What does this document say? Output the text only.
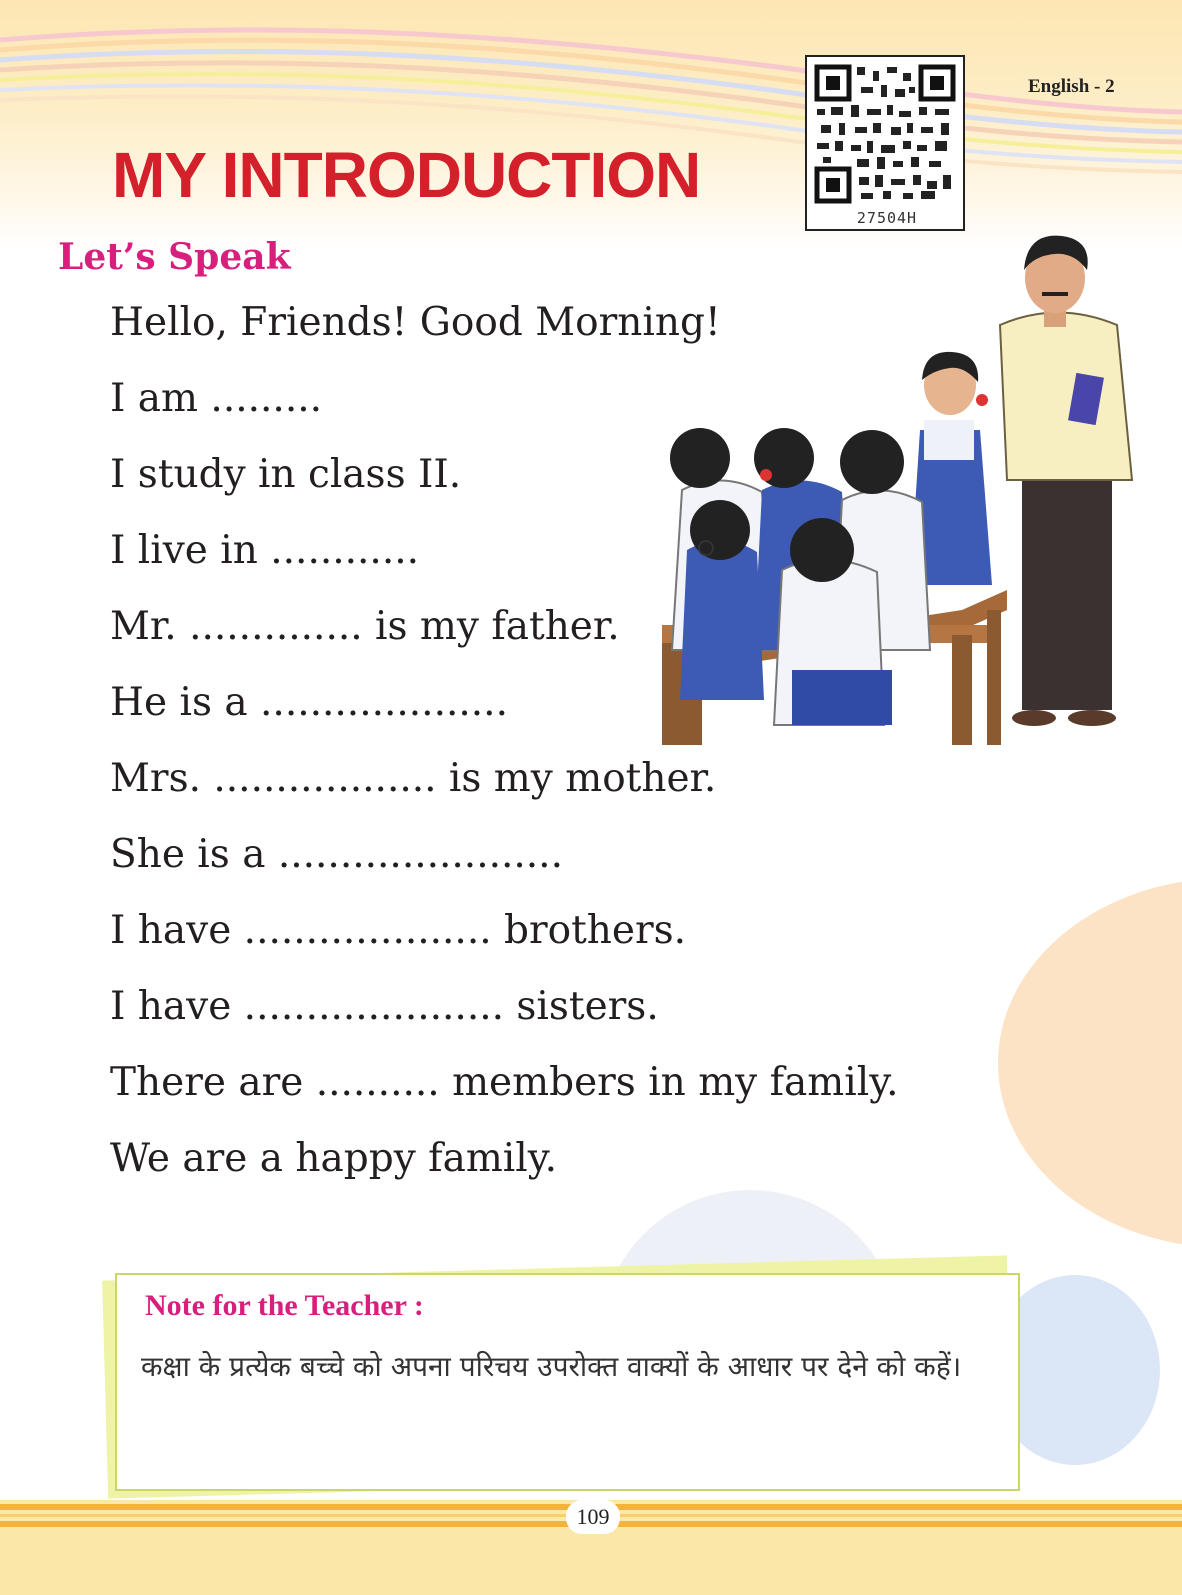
English - 2
27504H
MY INTRODUCTION
Let’s Speak
Hello, Friends! Good Morning!
I am .........
I study in class II.
I live in ............
Mr. .............. is my father.
He is a ....................
Mrs. .................. is my mother.
She is a .......................
I have .................... brothers.
I have ..................... sisters.
There are .......... members in my family.
We are a happy family.
Note for the Teacher :
कक्षा के प्रत्येक बच्चे को अपना परिचय उपरोक्त वाक्यों के आधार पर देने को कहें।
109
